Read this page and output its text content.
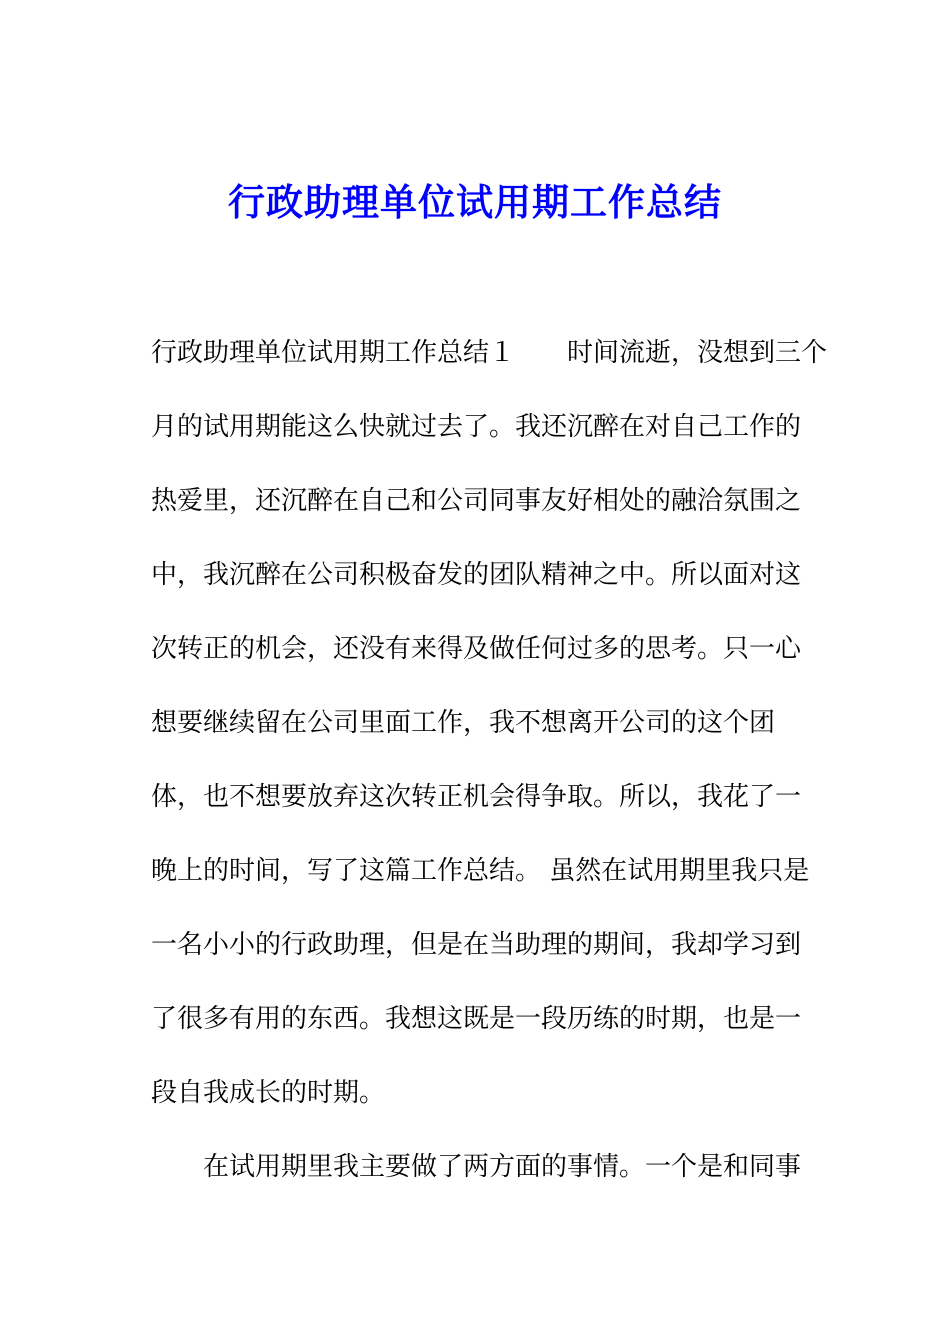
行政助理单位试用期工作总结

行政助理单位试用期工作总结１　　时间流逝，没想到三个

月的试用期能这么快就过去了。我还沉醉在对自己工作的

热爱里，还沉醉在自己和公司同事友好相处的融洽氛围之

中，我沉醉在公司积极奋发的团队精神之中。所以面对这

次转正的机会，还没有来得及做任何过多的思考。只一心

想要继续留在公司里面工作，我不想离开公司的这个团

体，也不想要放弃这次转正机会得争取。所以，我花了一

晚上的时间，写了这篇工作总结。 虽然在试用期里我只是

一名小小的行政助理，但是在当助理的期间，我却学习到

了很多有用的东西。我想这既是一段历练的时期，也是一

段自我成长的时期。

　　在试用期里我主要做了两方面的事情。一个是和同事
